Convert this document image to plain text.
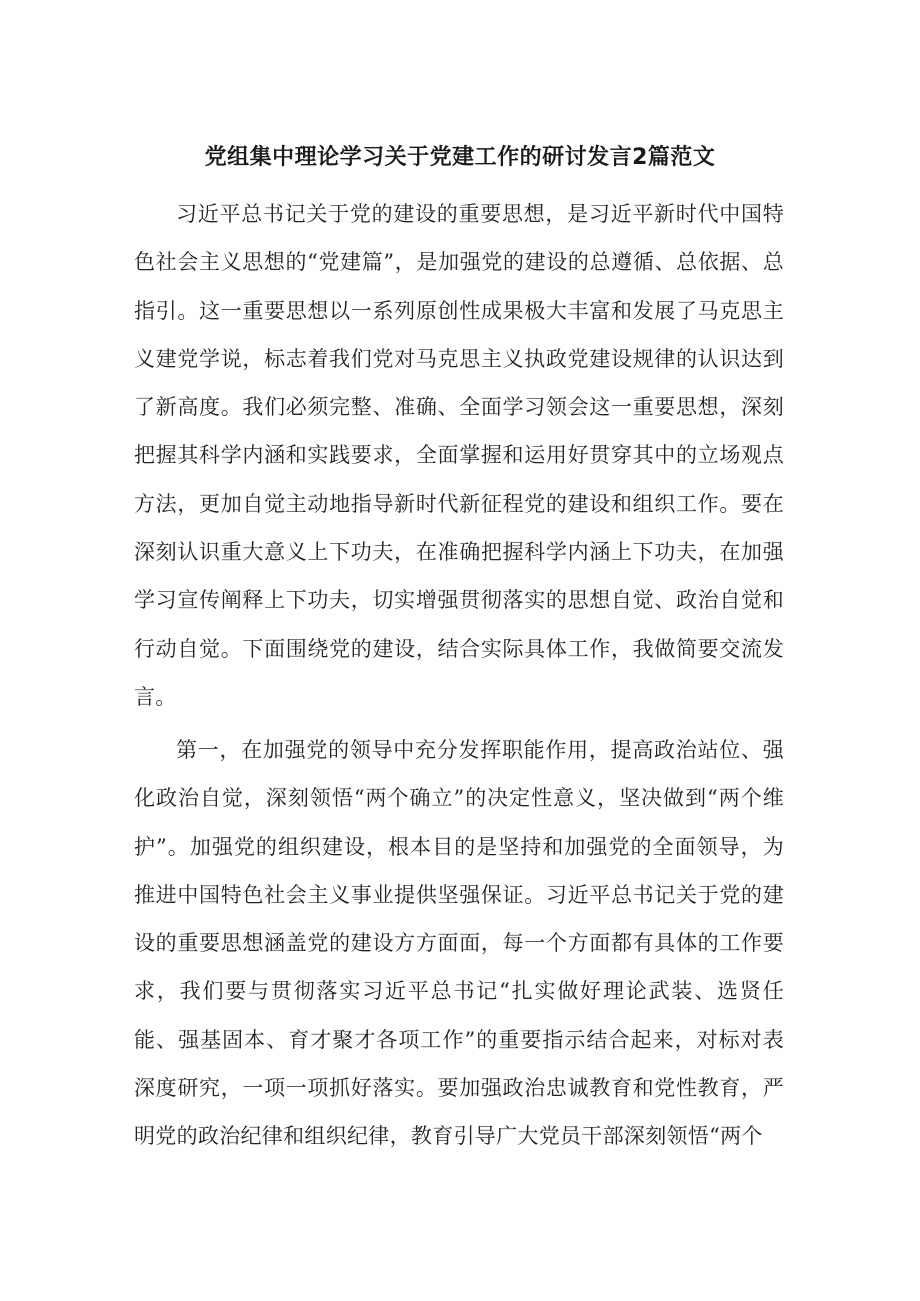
党组集中理论学习关于党建工作的研讨发言2篇范文

习近平总书记关于党的建设的重要思想，是习近平新时代中国特色社会主义思想的“党建篇”，是加强党的建设的总遵循、总依据、总指引。这一重要思想以一系列原创性成果极大丰富和发展了马克思主义建党学说，标志着我们党对马克思主义执政党建设规律的认识达到了新高度。我们必须完整、准确、全面学习领会这一重要思想，深刻把握其科学内涵和实践要求，全面掌握和运用好贯穿其中的立场观点方法，更加自觉主动地指导新时代新征程党的建设和组织工作。要在深刻认识重大意义上下功夫，在准确把握科学内涵上下功夫，在加强学习宣传阐释上下功夫，切实增强贯彻落实的思想自觉、政治自觉和行动自觉。下面围绕党的建设，结合实际具体工作，我做简要交流发言。

第一，在加强党的领导中充分发挥职能作用，提高政治站位、强化政治自觉，深刻领悟“两个确立”的决定性意义，坚决做到“两个维护”。加强党的组织建设，根本目的是坚持和加强党的全面领导，为推进中国特色社会主义事业提供坚强保证。习近平总书记关于党的建设的重要思想涵盖党的建设方方面面，每一个方面都有具体的工作要求，我们要与贯彻落实习近平总书记“扎实做好理论武装、选贤任能、强基固本、育才聚才各项工作”的重要指示结合起来，对标对表深度研究，一项一项抓好落实。要加强政治忠诚教育和党性教育，严明党的政治纪律和组织纪律，教育引导广大党员干部深刻领悟“两个
